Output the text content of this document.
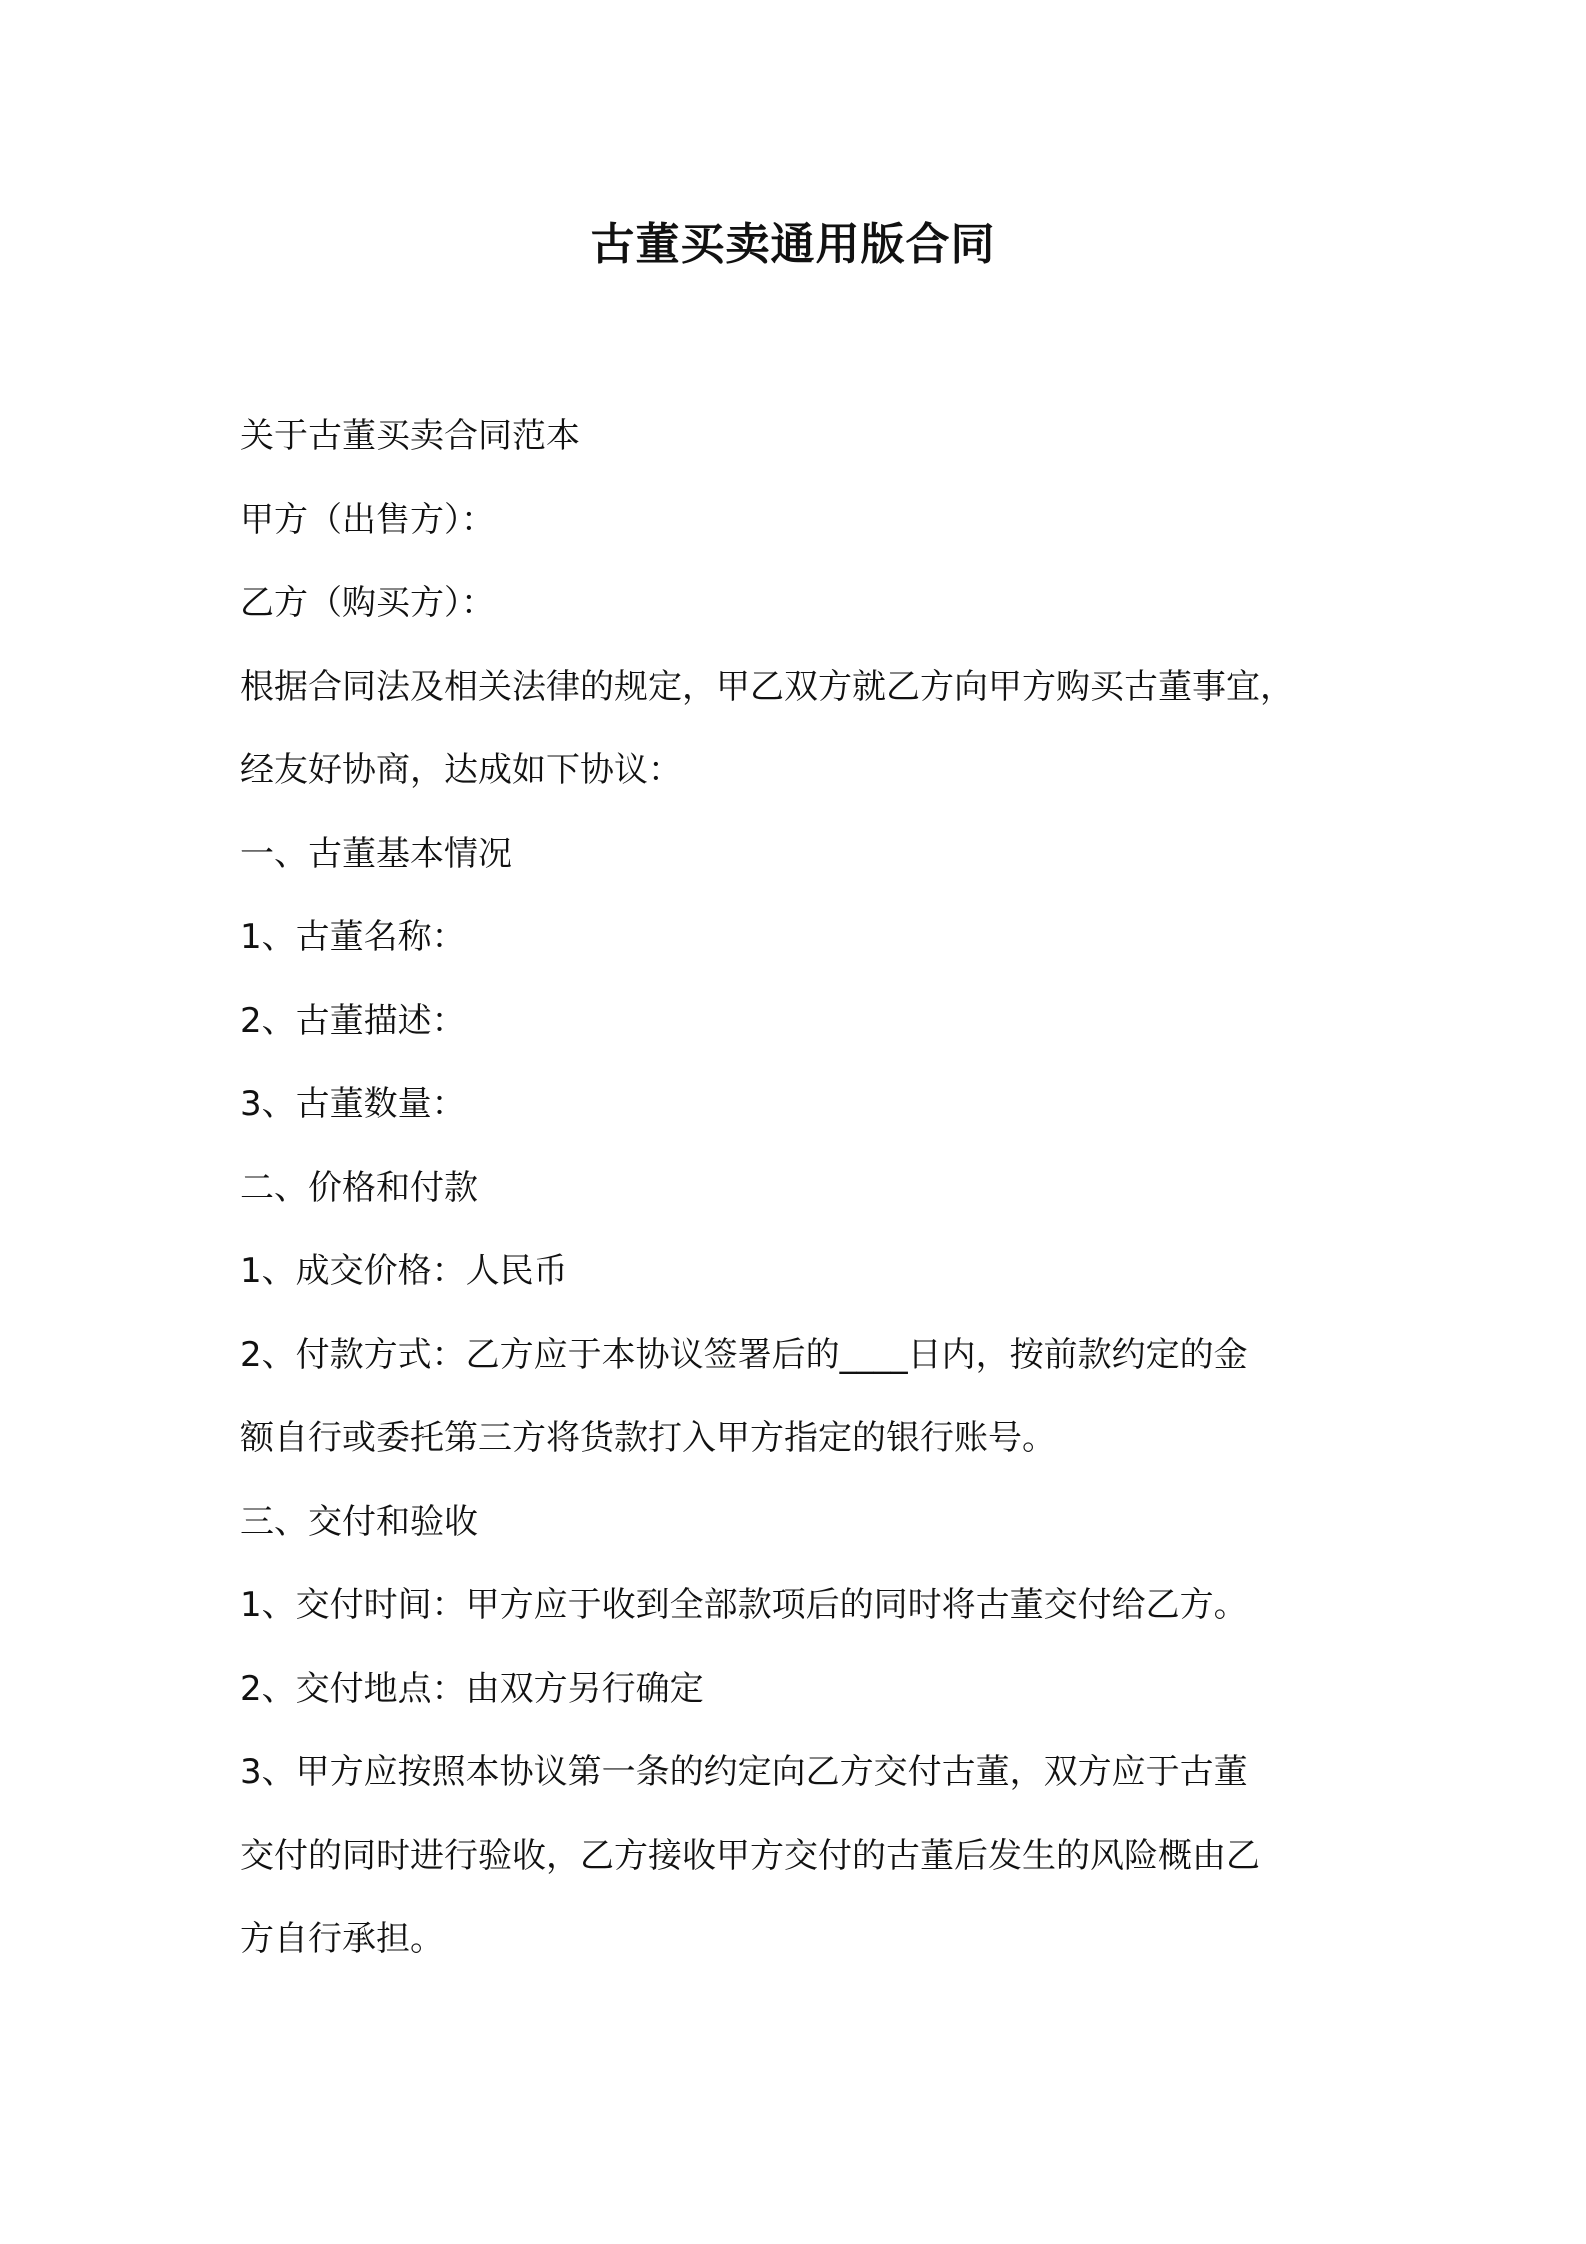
古董买卖通用版合同

关于古董买卖合同范本

甲方（出售方）：

乙方（购买方）：

根据合同法及相关法律的规定，甲乙双方就乙方向甲方购买古董事宜，

经友好协商，达成如下协议：

一、古董基本情况

1、古董名称：

2、古董描述：

3、古董数量：

二、价格和付款

1、成交价格：人民币

2、付款方式：乙方应于本协议签署后的____日内，按前款约定的金

额自行或委托第三方将货款打入甲方指定的银行账号。

三、交付和验收

1、交付时间：甲方应于收到全部款项后的同时将古董交付给乙方。

2、交付地点：由双方另行确定

3、甲方应按照本协议第一条的约定向乙方交付古董，双方应于古董

交付的同时进行验收，乙方接收甲方交付的古董后发生的风险概由乙

方自行承担。
